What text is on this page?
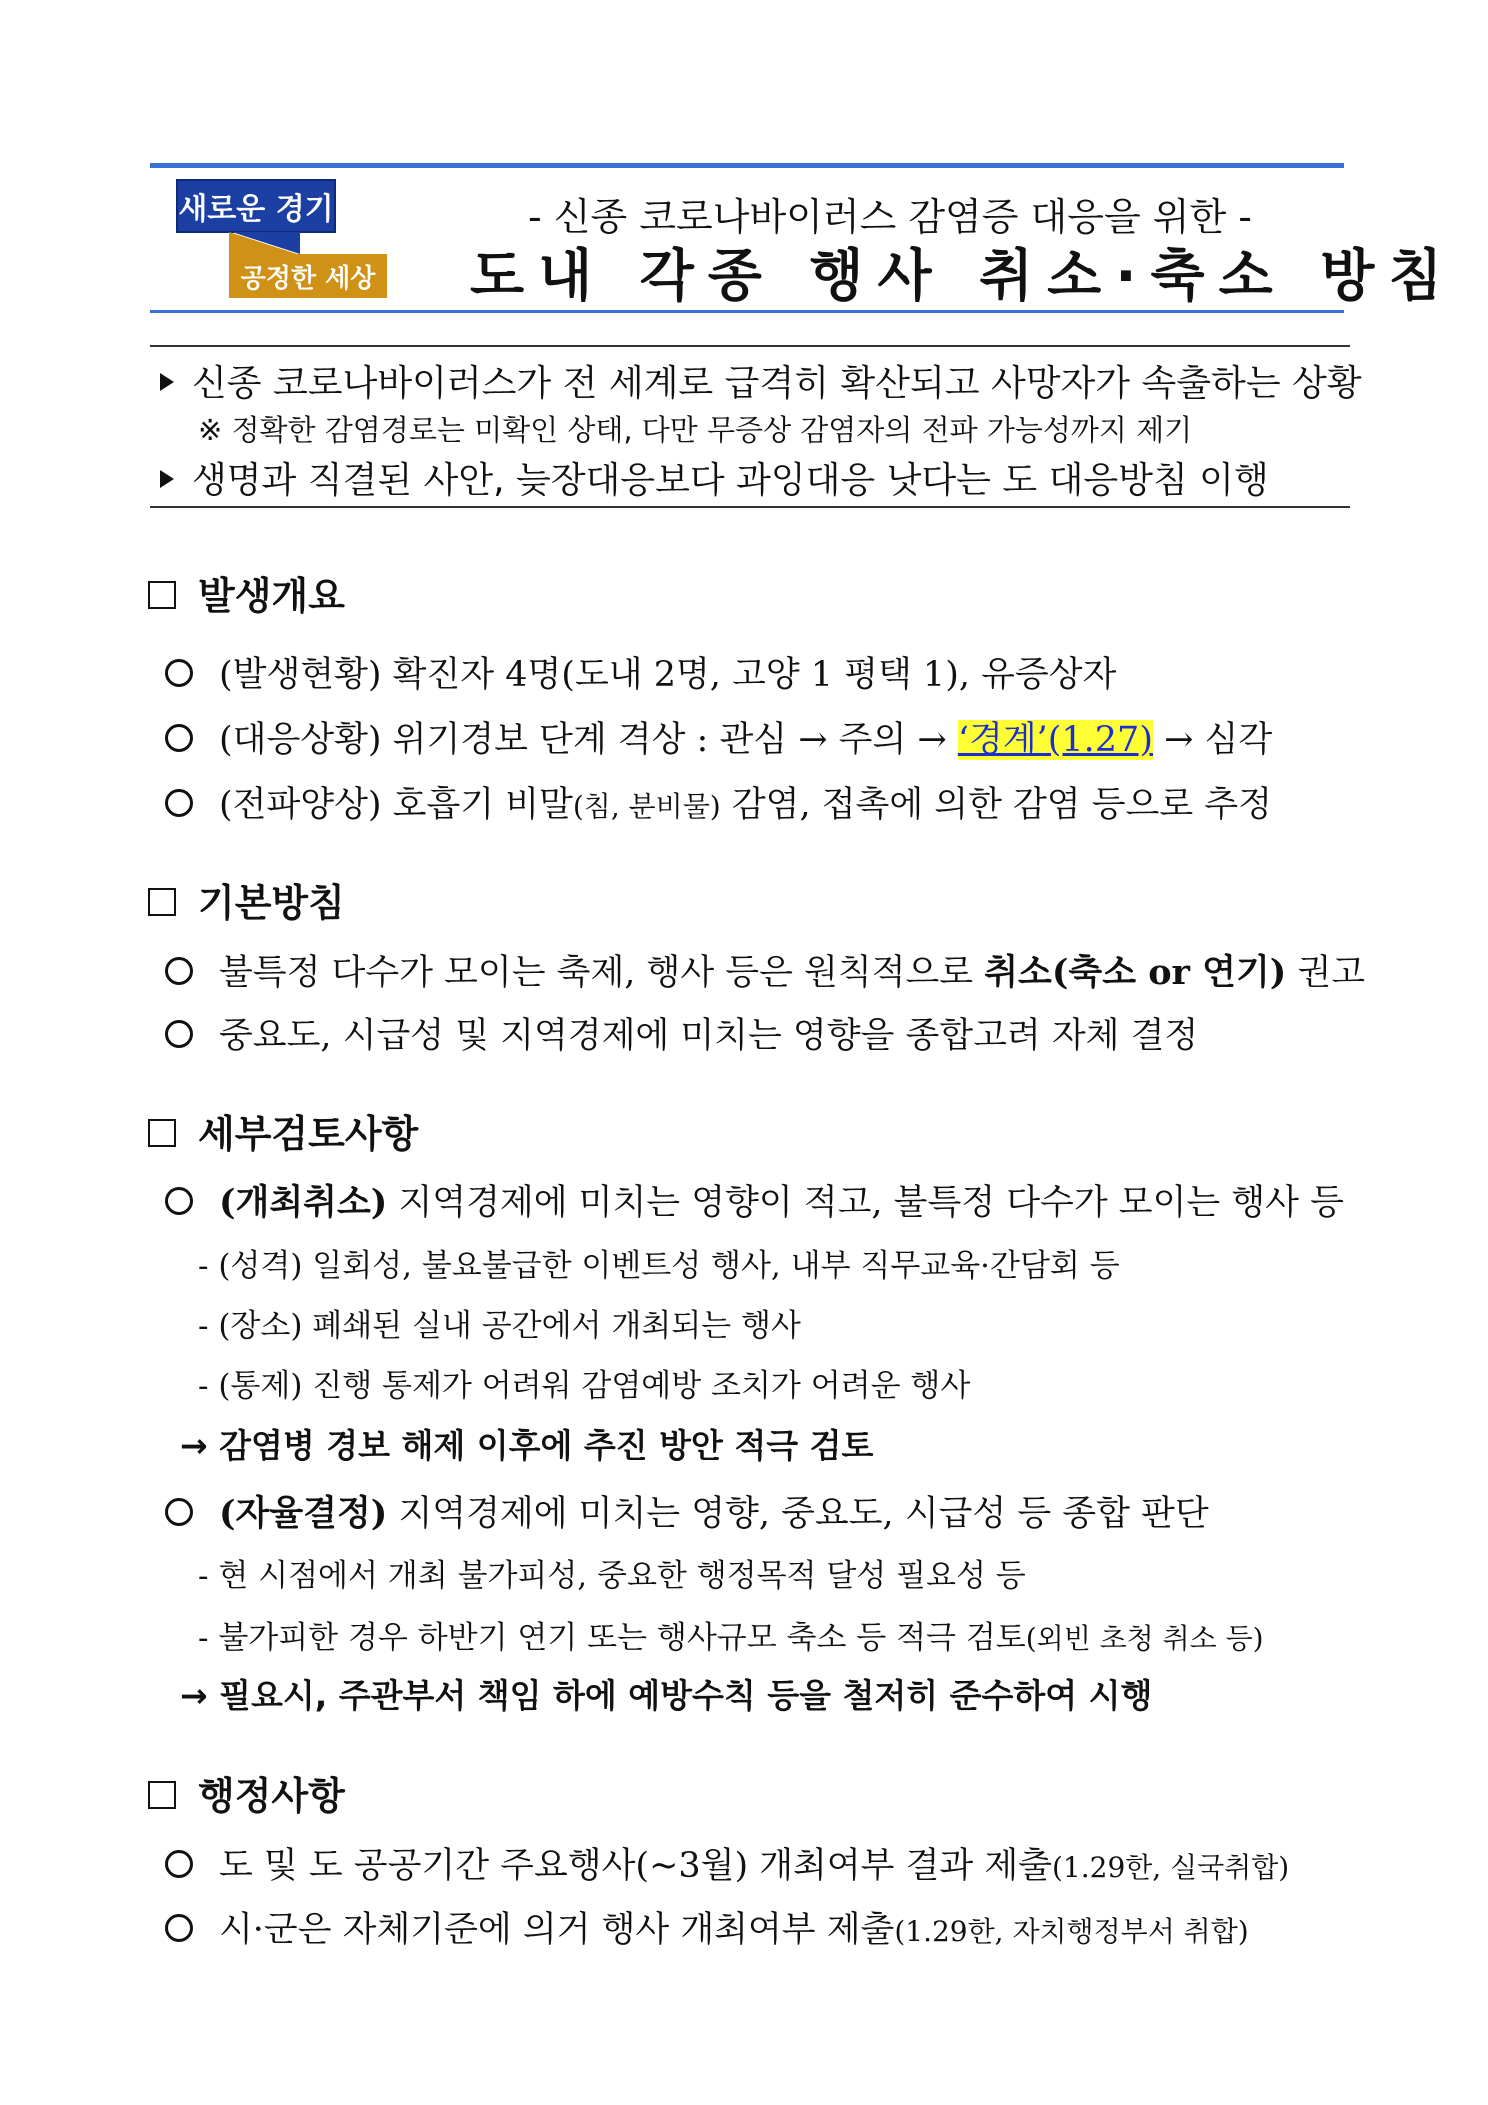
새로운 경기
공정한 세상
- 신종 코로나바이러스 감염증 대응을 위한 -
도내 각종 행사 취소·축소 방침
신종 코로나바이러스가 전 세계로 급격히 확산되고 사망자가 속출하는 상황
※ 정확한 감염경로는 미확인 상태, 다만 무증상 감염자의 전파 가능성까지 제기
생명과 직결된 사안, 늦장대응보다 과잉대응 낫다는 도 대응방침 이행
발생개요
(발생현황) 확진자 4명(도내 2명, 고양 1 평택 1), 유증상자
(대응상황) 위기경보 단계 격상 : 관심 → 주의 → ‘경계’(1.27) → 심각
(전파양상) 호흡기 비말(침, 분비물) 감염, 접촉에 의한 감염 등으로 추정
기본방침
불특정 다수가 모이는 축제, 행사 등은 원칙적으로 취소(축소 or 연기) 권고
중요도, 시급성 및 지역경제에 미치는 영향을 종합고려 자체 결정
세부검토사항
(개최취소) 지역경제에 미치는 영향이 적고, 불특정 다수가 모이는 행사 등
- (성격) 일회성, 불요불급한 이벤트성 행사, 내부 직무교육·간담회 등
- (장소) 폐쇄된 실내 공간에서 개최되는 행사
- (통제) 진행 통제가 어려워 감염예방 조치가 어려운 행사
→ 감염병 경보 해제 이후에 추진 방안 적극 검토
(자율결정) 지역경제에 미치는 영향, 중요도, 시급성 등 종합 판단
- 현 시점에서 개최 불가피성, 중요한 행정목적 달성 필요성 등
- 불가피한 경우 하반기 연기 또는 행사규모 축소 등 적극 검토(외빈 초청 취소 등)
→ 필요시, 주관부서 책임 하에 예방수칙 등을 철저히 준수하여 시행
행정사항
도 및 도 공공기간 주요행사(~3월) 개최여부 결과 제출(1.29한, 실국취합)
시·군은 자체기준에 의거 행사 개최여부 제출(1.29한, 자치행정부서 취합)
